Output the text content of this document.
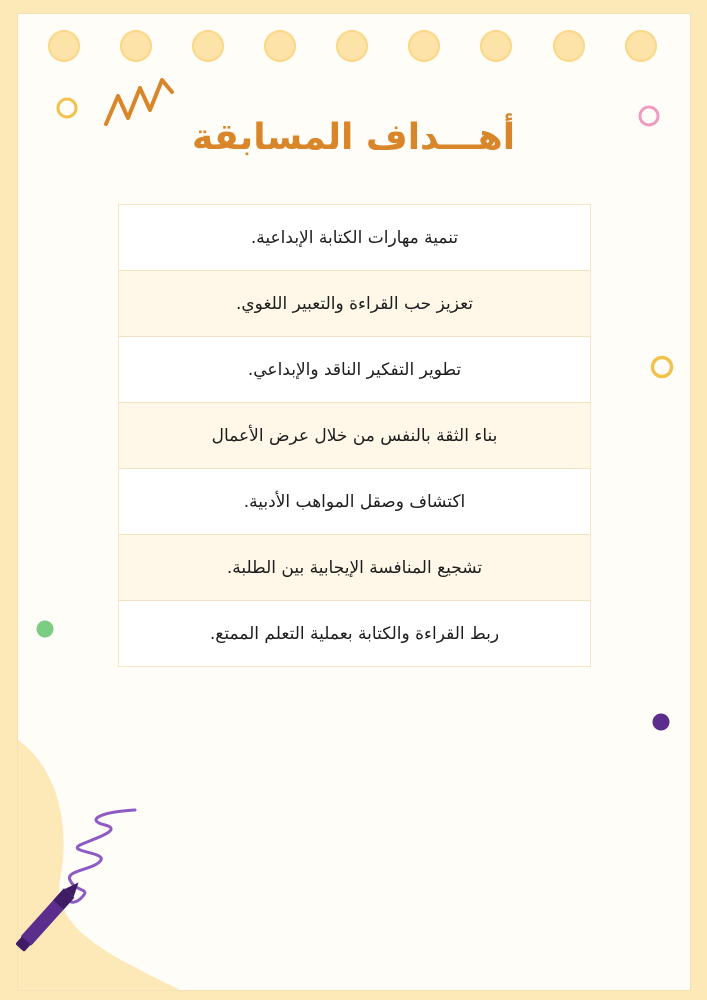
أهـــداف المسابقة
تنمية مهارات الكتابة الإبداعية.
تعزيز حب القراءة والتعبير اللغوي.
تطوير التفكير الناقد والإبداعي.
بناء الثقة بالنفس من خلال عرض الأعمال
اكتشاف وصقل المواهب الأدبية.
تشجيع المنافسة الإيجابية بين الطلبة.
ربط القراءة والكتابة بعملية التعلم الممتع.
